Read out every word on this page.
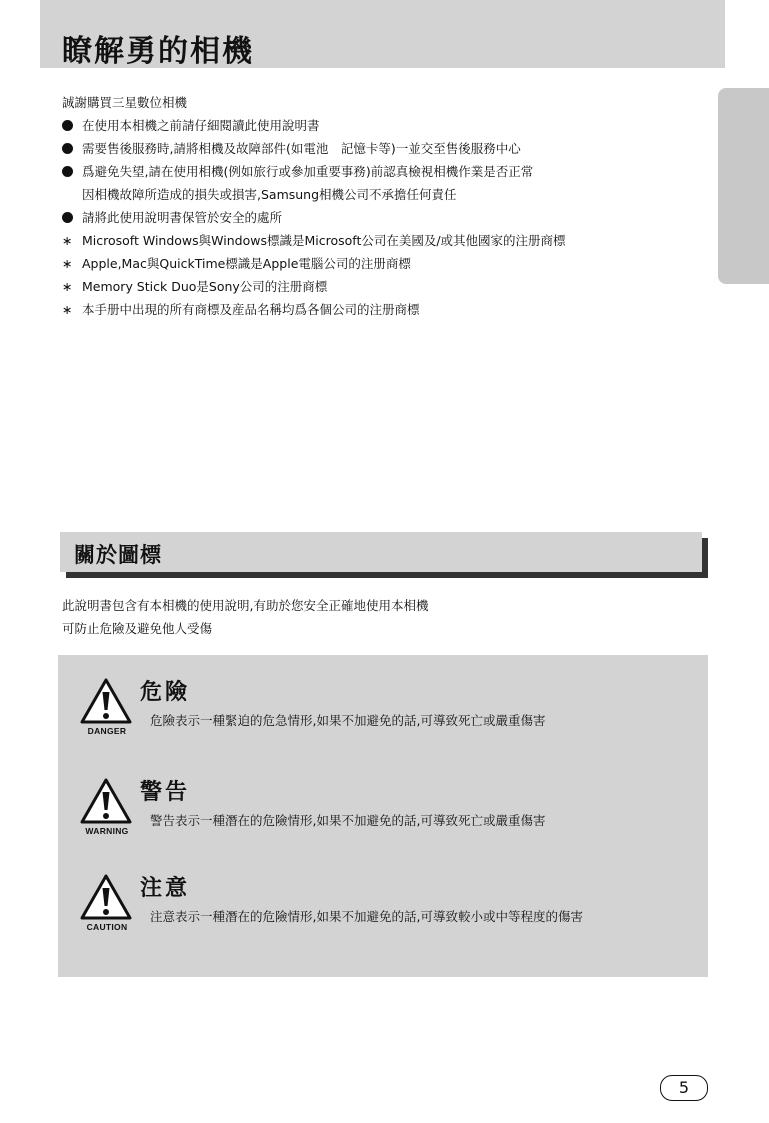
瞭解勇的相機
誠謝購買三星數位相機
在使用本相機之前請仔細閱讀此使用說明書
需要售後服務時,請將相機及故障部件(如電池　記憶卡等)一並交至售後服務中心
爲避免失望,請在使用相機(例如旅行或參加重要事務)前認真檢視相機作業是否正常
因相機故障所造成的損失或損害,Samsung相機公司不承擔任何責任
請將此使用說明書保管於安全的處所
∗ Microsoft Windows與Windows標識是Microsoft公司在美國及/或其他國家的注册商標
∗ Apple,Mac與QuickTime標識是Apple電腦公司的注册商標
∗ Memory Stick Duo是Sony公司的注册商標
∗ 本手册中出現的所有商標及産品名稱均爲各個公司的注册商標
關於圖標
此說明書包含有本相機的使用說明,有助於您安全正確地使用本相機
可防止危險及避免他人受傷
DANGER
危險
危險表示一種緊迫的危急情形,如果不加避免的話,可導致死亡或嚴重傷害
WARNING
警告
警告表示一種潛在的危險情形,如果不加避免的話,可導致死亡或嚴重傷害
CAUTION
注意
注意表示一種潛在的危險情形,如果不加避免的話,可導致較小或中等程度的傷害
5
